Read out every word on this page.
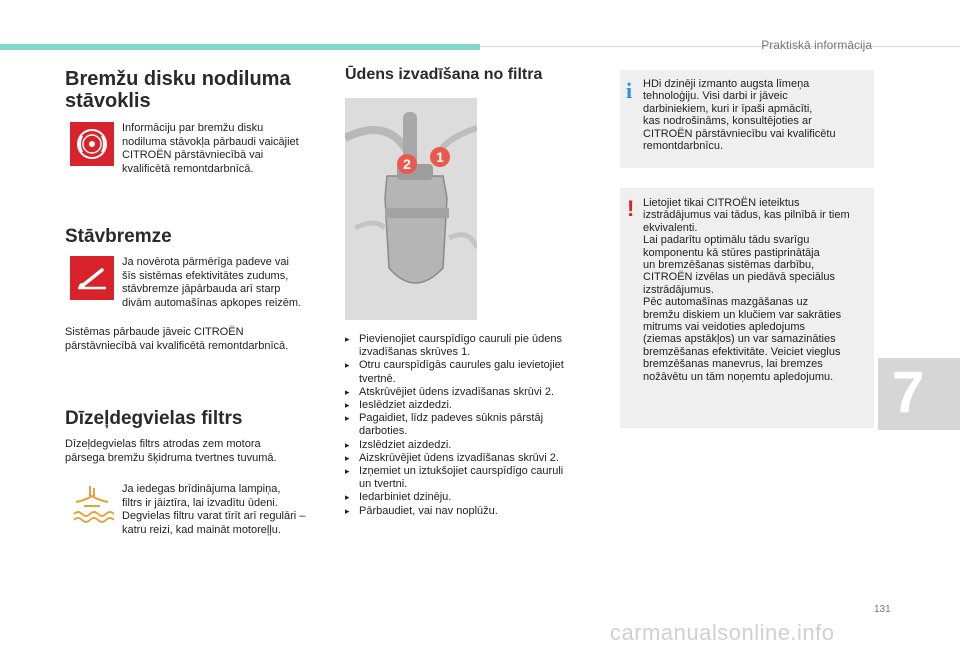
Praktiskā informācija
Bremžu disku nodiluma
stāvoklis
Informāciju par bremžu disku
nodiluma stāvokļa pārbaudi vaicājiet
CITROËN pārstāvniecībā vai
kvalificētā remontdarbnīcā.
Stāvbremze
Ja novērota pārmērīga padeve vai
šīs sistēmas efektivitātes zudums,
stāvbremze jāpārbauda arī starp
divām automašīnas apkopes reizēm.
Sistēmas pārbaude jāveic CITROËN
pārstāvniecībā vai kvalificētā remontdarbnīcā.
Dīzeļdegvielas filtrs
Dīzeļdegvielas filtrs atrodas zem motora
pārsega bremžu šķidruma tvertnes tuvumā.
Ja iedegas brīdinājuma lampiņa,
filtrs ir jāiztīra, lai izvadītu ūdeni.
Degvielas filtru varat tīrīt arī regulāri –
katru reizi, kad maināt motoreļļu.
Ūdens izvadīšana no filtra
2 1
▸ Pievienojiet caurspīdīgo cauruli pie ūdens
izvadīšanas skrūves 1.
▸ Otru caurspīdīgās caurules galu ievietojiet
tvertnē.
▸ Atskrūvējiet ūdens izvadīšanas skrūvi 2.
▸ Ieslēdziet aizdedzi.
▸ Pagaidiet, līdz padeves sūknis pārstāj
darboties.
▸ Izslēdziet aizdedzi.
▸ Aizskrūvējiet ūdens izvadīšanas skrūvi 2.
▸ Izņemiet un iztukšojiet caurspīdīgo cauruli
un tvertni.
▸ Iedarbiniet dzinēju.
▸ Pārbaudiet, vai nav noplūžu.
i HDi dzinēji izmanto augsta līmeņa
tehnoloģiju. Visi darbi ir jāveic
darbiniekiem, kuri ir īpaši apmācīti,
kas nodrošināms, konsultējoties ar
CITROËN pārstāvniecību vai kvalificētu
remontdarbnīcu.
! Lietojiet tikai CITROËN ieteiktus
izstrādājumus vai tādus, kas pilnībā ir tiem
ekvivalenti.
Lai padarītu optimālu tādu svarīgu
komponentu kā stūres pastiprinātāja
un bremzēšanas sistēmas darbību,
CITROËN izvēlas un piedāvā speciālus
izstrādājumus.
Pēc automašīnas mazgāšanas uz
bremžu diskiem un klučiem var sakrāties
mitrums vai veidoties apledojums
(ziemas apstākļos) un var samazināties
bremzēšanas efektivitāte. Veiciet vieglus
bremzēšanas manevrus, lai bremzes
nožāvētu un tām noņemtu apledojumu.	7
131
carmanualsonline.info
